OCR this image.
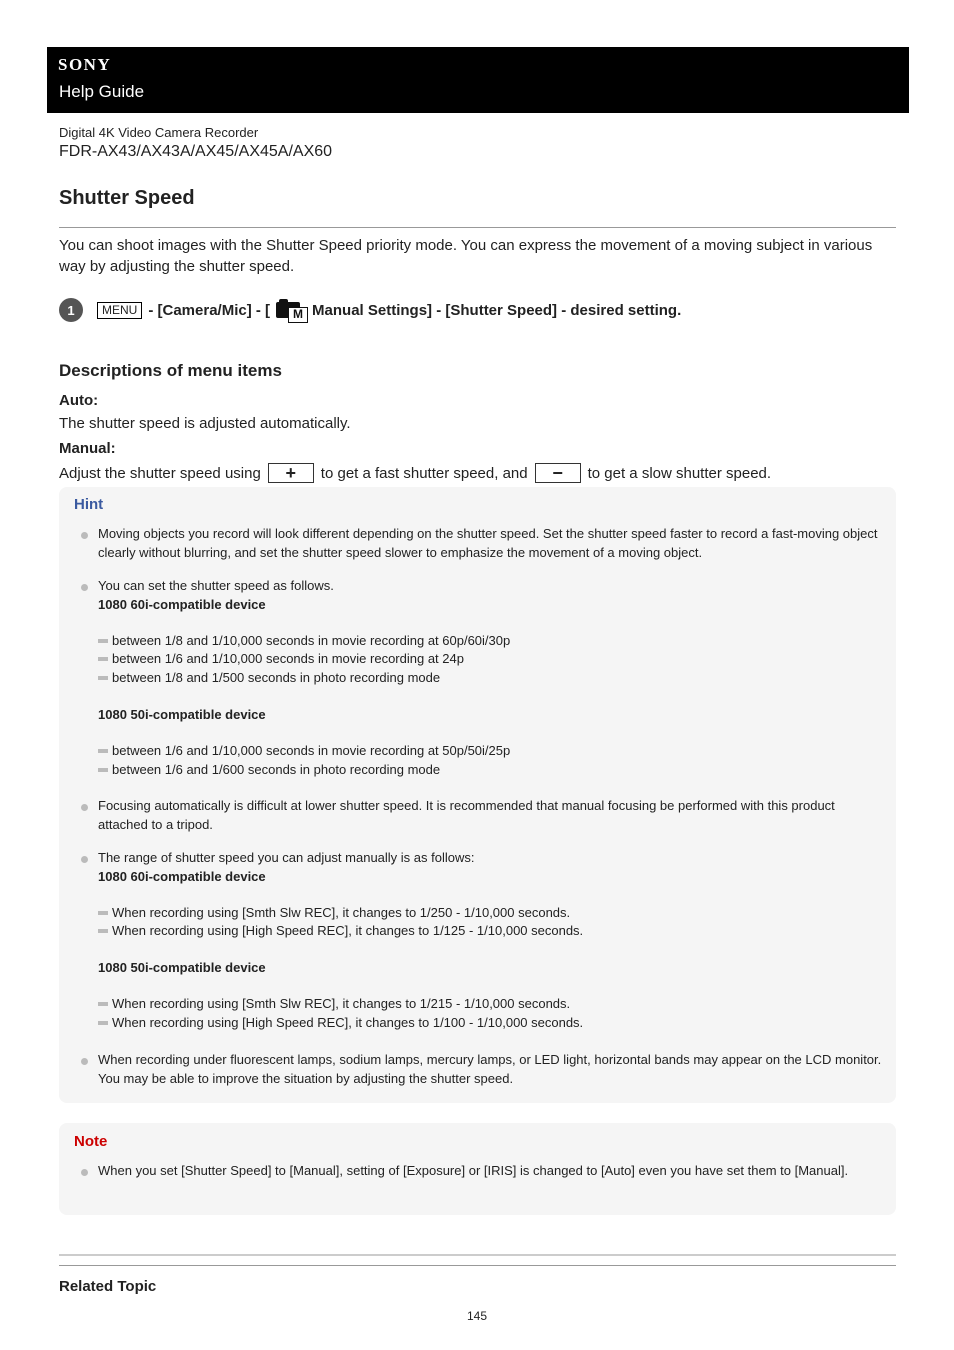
SONY
Help Guide
Digital 4K Video Camera Recorder
FDR-AX43/AX43A/AX45/AX45A/AX60
Shutter Speed
You can shoot images with the Shutter Speed priority mode. You can express the movement of a moving subject in various way by adjusting the shutter speed.
1	MENU - [Camera/Mic] - [	M Manual Settings] - [Shutter Speed] - desired setting.
Descriptions of menu items
Auto:
The shutter speed is adjusted automatically.
Manual:
Adjust the shutter speed using	+	to get a fast shutter speed, and	−	to get a slow shutter speed.
Hint
Moving objects you record will look different depending on the shutter speed. Set the shutter speed faster to record a fast-moving object clearly without blurring, and set the shutter speed slower to emphasize the movement of a moving object.
You can set the shutter speed as follows.
1080 60i-compatible device
between 1/8 and 1/10,000 seconds in movie recording at 60p/60i/30p
between 1/6 and 1/10,000 seconds in movie recording at 24p
between 1/8 and 1/500 seconds in photo recording mode
1080 50i-compatible device
between 1/6 and 1/10,000 seconds in movie recording at 50p/50i/25p
between 1/6 and 1/600 seconds in photo recording mode
Focusing automatically is difficult at lower shutter speed. It is recommended that manual focusing be performed with this product attached to a tripod.
The range of shutter speed you can adjust manually is as follows:
1080 60i-compatible device
When recording using [Smth Slw REC], it changes to 1/250 - 1/10,000 seconds.
When recording using [High Speed REC], it changes to 1/125 - 1/10,000 seconds.
1080 50i-compatible device
When recording using [Smth Slw REC], it changes to 1/215 - 1/10,000 seconds.
When recording using [High Speed REC], it changes to 1/100 - 1/10,000 seconds.
When recording under fluorescent lamps, sodium lamps, mercury lamps, or LED light, horizontal bands may appear on the LCD monitor. You may be able to improve the situation by adjusting the shutter speed.
Note
When you set [Shutter Speed] to [Manual], setting of [Exposure] or [IRIS] is changed to [Auto] even you have set them to [Manual].
Related Topic
145
